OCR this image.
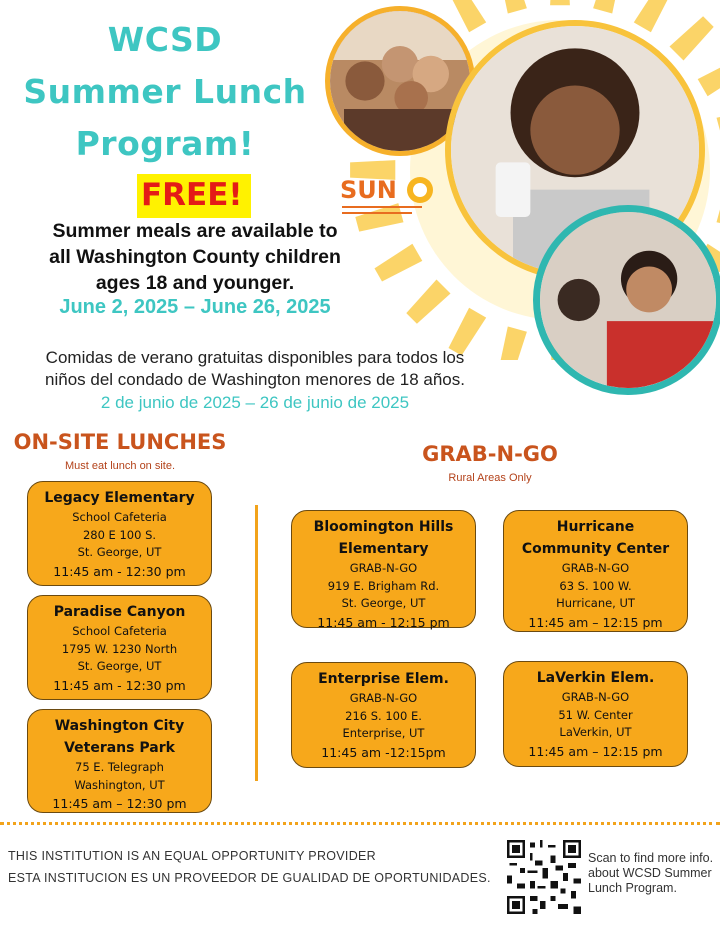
WCSD
Summer Lunch
Program!
SUN
FREE!
Summer meals are available to
all Washington County children
ages 18 and younger.
June 2, 2025 – June 26, 2025
Comidas de verano gratuitas disponibles para todos los
niños del condado de Washington menores de 18 años.
2 de junio de 2025 – 26 de junio de 2025
ON-SITE LUNCHES
Must eat lunch on site.	GRAB-N-GO
Rural Areas Only
Legacy Elementary
School Cafeteria
280 E 100 S.
St. George, UT
11:45 am - 12:30 pm
Paradise Canyon
School Cafeteria
1795 W. 1230 North
St. George, UT
11:45 am - 12:30 pm
Washington City
Veterans Park
75 E. Telegraph
Washington, UT
11:45 am – 12:30 pm
Bloomington Hills
Elementary
GRAB-N-GO
919 E. Brigham Rd.
St. George, UT
11:45 am - 12:15 pm
Hurricane
Community Center
GRAB-N-GO
63 S. 100 W.
Hurricane, UT
11:45 am – 12:15 pm
Enterprise Elem.
GRAB-N-GO
216 S. 100 E.
Enterprise, UT
11:45 am -12:15pm
LaVerkin Elem.
GRAB-N-GO
51 W. Center
LaVerkin, UT
11:45 am – 12:15 pm
THIS INSTITUTION IS AN EQUAL OPPORTUNITY PROVIDER
ESTA INSTITUCION ES UN PROVEEDOR DE GUALIDAD DE OPORTUNIDADES.
Scan to find more info.
about WCSD Summer
Lunch Program.
